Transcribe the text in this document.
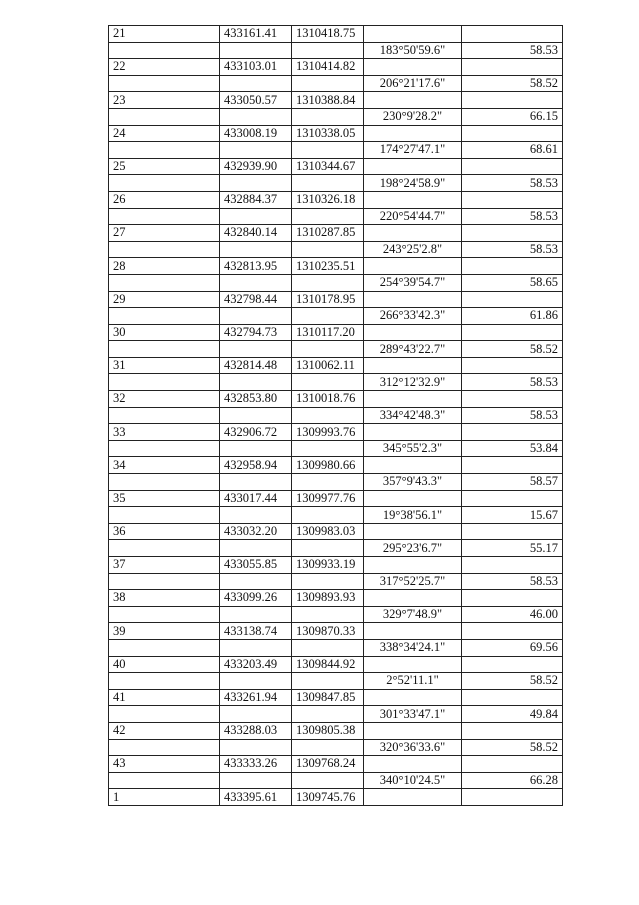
21	433161.41	1310418.75		
			183°50'59.6"	58.53
22	433103.01	1310414.82		
			206°21'17.6"	58.52
23	433050.57	1310388.84		
			230°9'28.2"	66.15
24	433008.19	1310338.05		
			174°27'47.1"	68.61
25	432939.90	1310344.67		
			198°24'58.9"	58.53
26	432884.37	1310326.18		
			220°54'44.7"	58.53
27	432840.14	1310287.85		
			243°25'2.8"	58.53
28	432813.95	1310235.51		
			254°39'54.7"	58.65
29	432798.44	1310178.95		
			266°33'42.3"	61.86
30	432794.73	1310117.20		
			289°43'22.7"	58.52
31	432814.48	1310062.11		
			312°12'32.9"	58.53
32	432853.80	1310018.76		
			334°42'48.3"	58.53
33	432906.72	1309993.76		
			345°55'2.3"	53.84
34	432958.94	1309980.66		
			357°9'43.3"	58.57
35	433017.44	1309977.76		
			19°38'56.1"	15.67
36	433032.20	1309983.03		
			295°23'6.7"	55.17
37	433055.85	1309933.19		
			317°52'25.7"	58.53
38	433099.26	1309893.93		
			329°7'48.9"	46.00
39	433138.74	1309870.33		
			338°34'24.1"	69.56
40	433203.49	1309844.92		
			2°52'11.1"	58.52
41	433261.94	1309847.85		
			301°33'47.1"	49.84
42	433288.03	1309805.38		
			320°36'33.6"	58.52
43	433333.26	1309768.24		
			340°10'24.5"	66.28
1	433395.61	1309745.76		
